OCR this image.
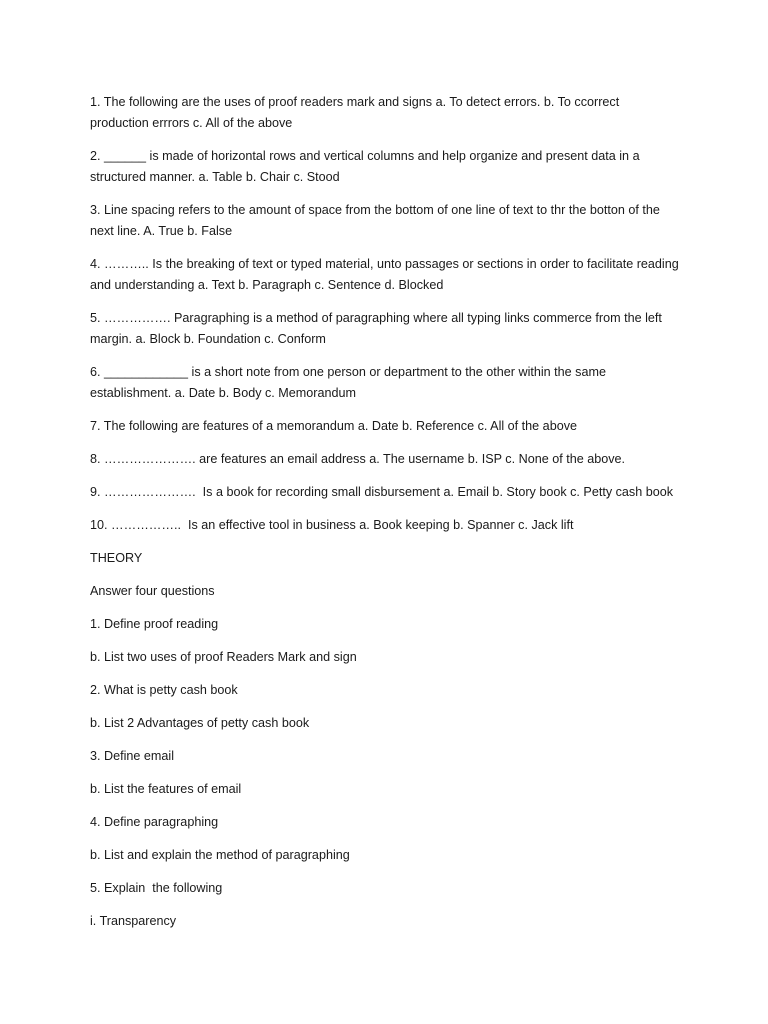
1. The following are the uses of proof readers mark and signs a. To detect errors. b. To ccorrect production errrors c. All of the above

2. ______ is made of horizontal rows and vertical columns and help organize and present data in a structured manner. a. Table b. Chair c. Stood

3. Line spacing refers to the amount of space from the bottom of one line of text to thr the botton of the next line. A. True b. False

4. ……….. Is the breaking of text or typed material, unto passages or sections in order to facilitate reading and understanding a. Text b. Paragraph c. Sentence d. Blocked

5. ……………. Paragraphing is a method of paragraphing where all typing links commerce from the left margin. a. Block b. Foundation c. Conform

6. ____________ is a short note from one person or department to the other within the same establishment. a. Date b. Body c. Memorandum

7. The following are features of a memorandum a. Date b. Reference c. All of the above

8. …………………. are features an email address a. The username b. ISP c. None of the above.

9. ………………….  Is a book for recording small disbursement a. Email b. Story book c. Petty cash book

10. ……………..  Is an effective tool in business a. Book keeping b. Spanner c. Jack lift

THEORY

Answer four questions

1. Define proof reading

b. List two uses of proof Readers Mark and sign

2. What is petty cash book

b. List 2 Advantages of petty cash book

3. Define email

b. List the features of email

4. Define paragraphing

b. List and explain the method of paragraphing

5. Explain  the following

i. Transparency
